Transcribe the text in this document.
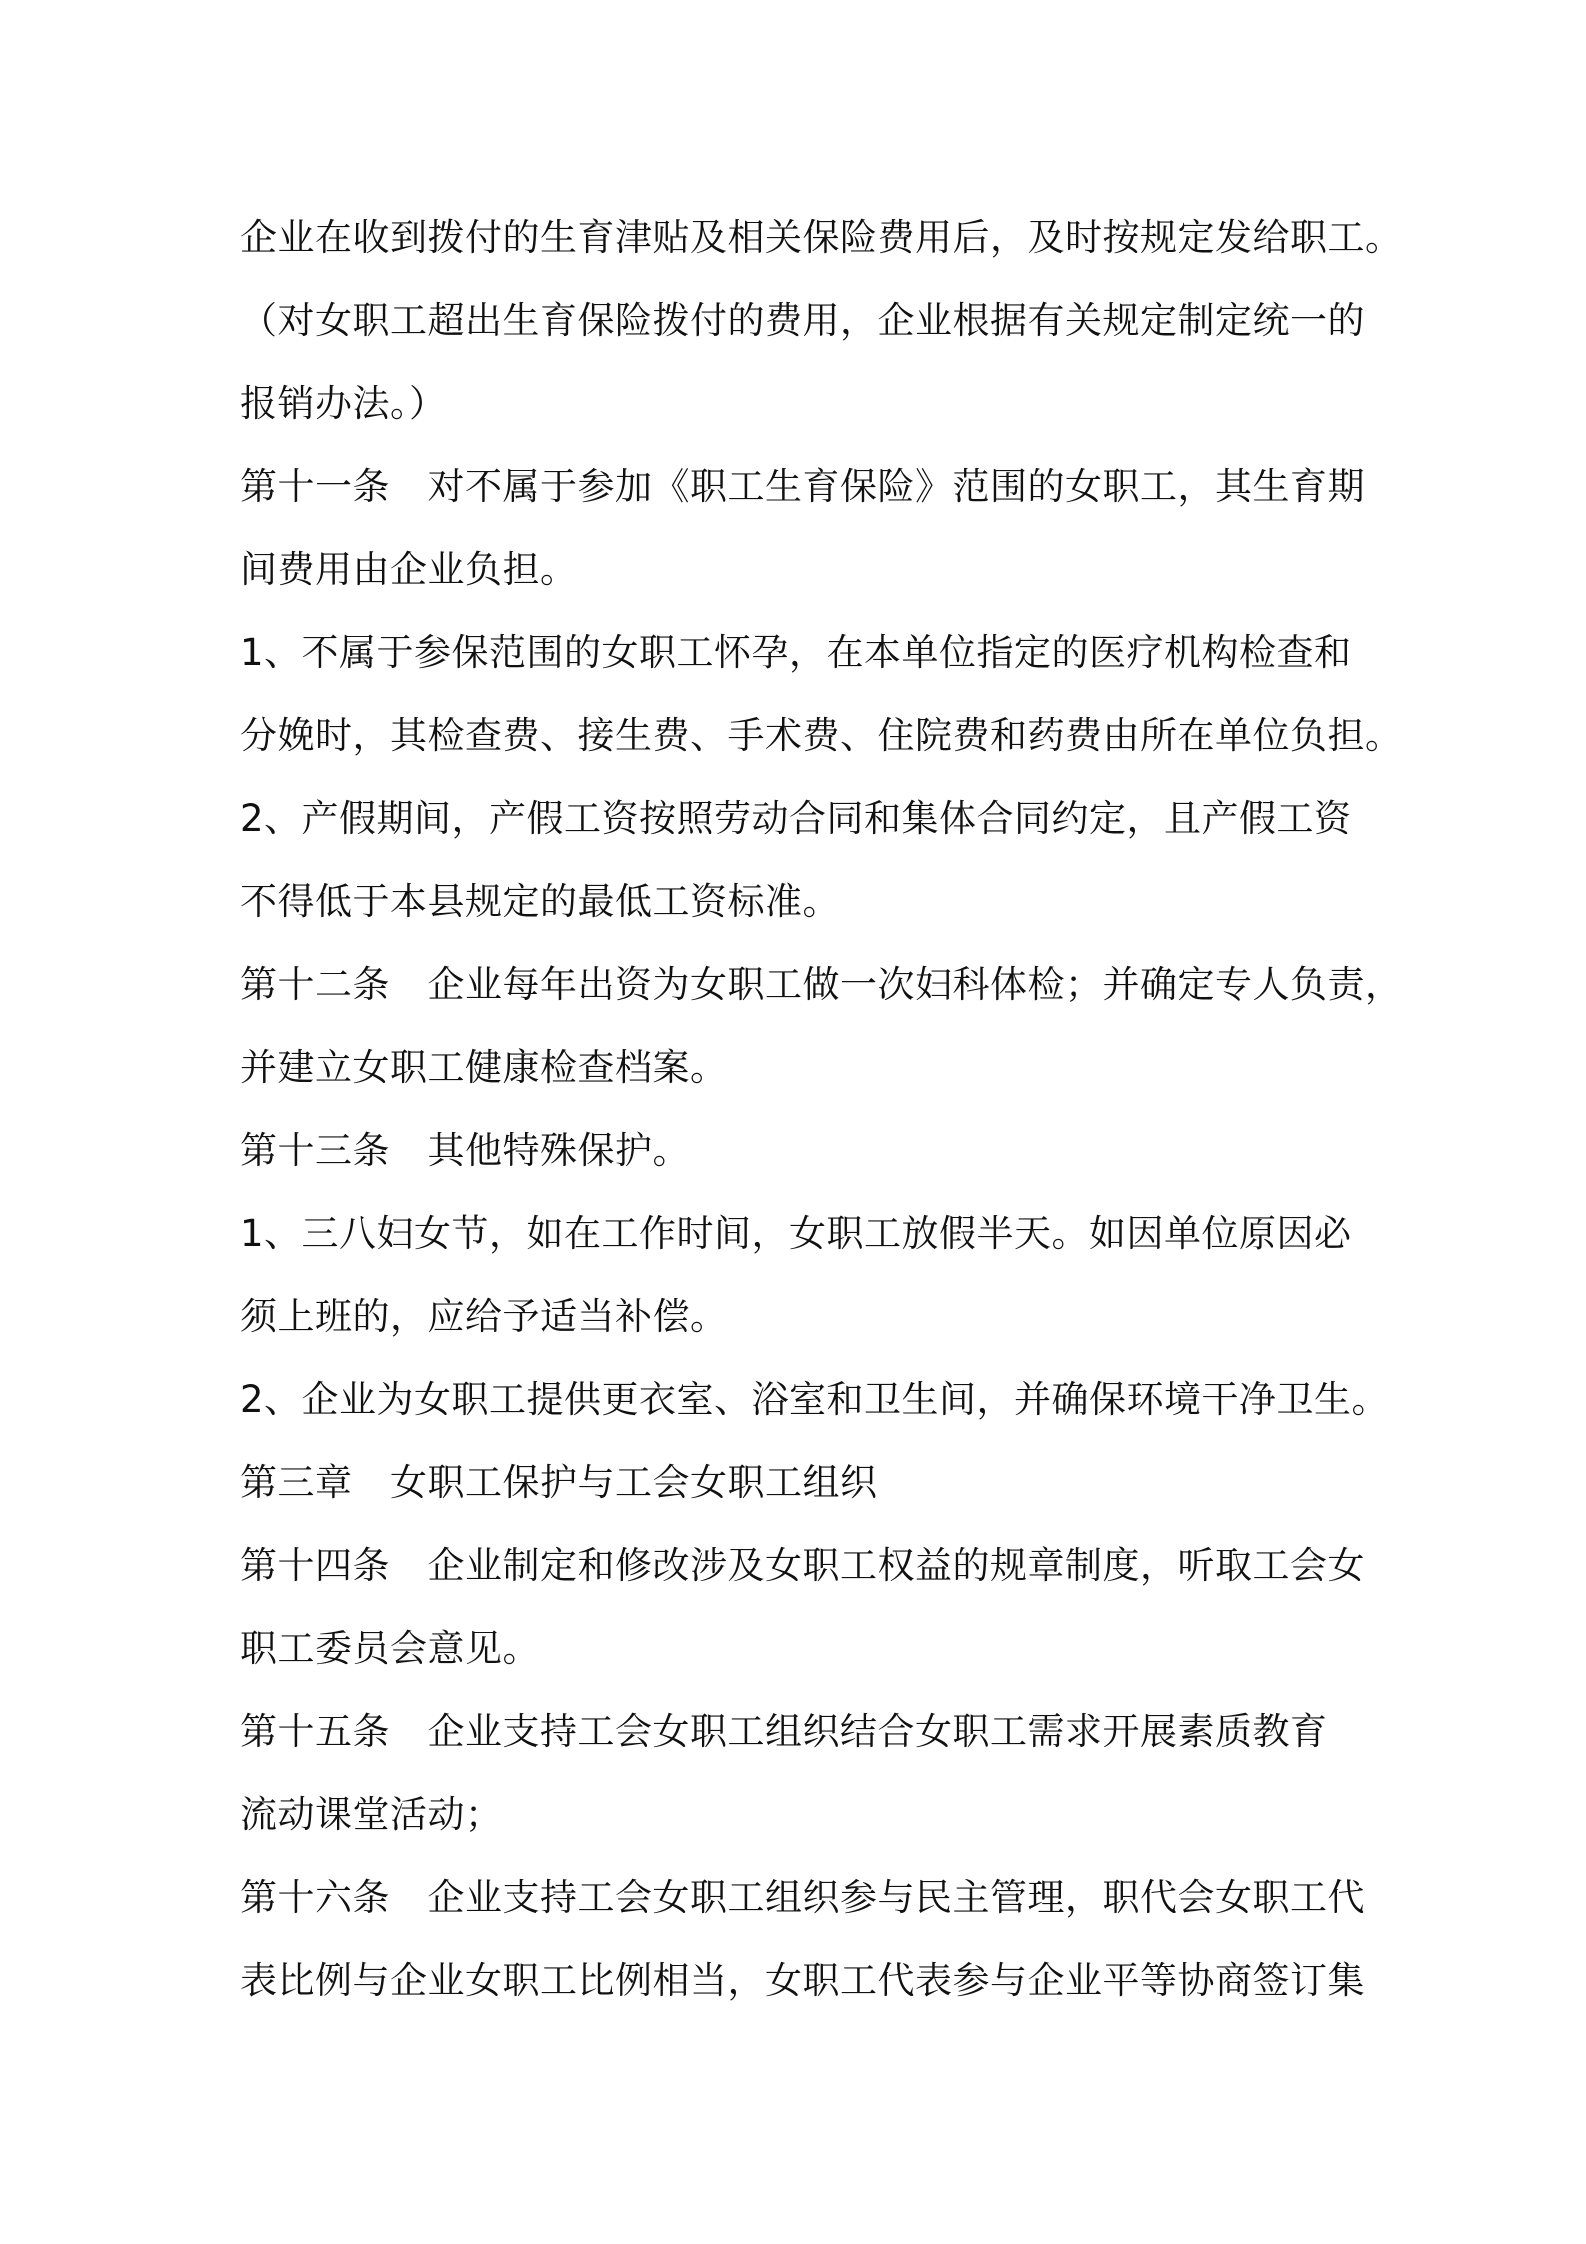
企业在收到拨付的生育津贴及相关保险费用后，及时按规定发给职工。
（对女职工超出生育保险拨付的费用，企业根据有关规定制定统一的
报销办法。）
第十一条　对不属于参加《职工生育保险》范围的女职工，其生育期
间费用由企业负担。
1、不属于参保范围的女职工怀孕，在本单位指定的医疗机构检查和
分娩时，其检查费、接生费、手术费、住院费和药费由所在单位负担。
2、产假期间，产假工资按照劳动合同和集体合同约定，且产假工资
不得低于本县规定的最低工资标准。
第十二条　企业每年出资为女职工做一次妇科体检；并确定专人负责，
并建立女职工健康检查档案。
第十三条　其他特殊保护。
1、三八妇女节，如在工作时间，女职工放假半天。如因单位原因必
须上班的，应给予适当补偿。
2、企业为女职工提供更衣室、浴室和卫生间，并确保环境干净卫生。
第三章　女职工保护与工会女职工组织
第十四条　企业制定和修改涉及女职工权益的规章制度，听取工会女
职工委员会意见。
第十五条　企业支持工会女职工组织结合女职工需求开展素质教育
流动课堂活动；
第十六条　企业支持工会女职工组织参与民主管理，职代会女职工代
表比例与企业女职工比例相当，女职工代表参与企业平等协商签订集
